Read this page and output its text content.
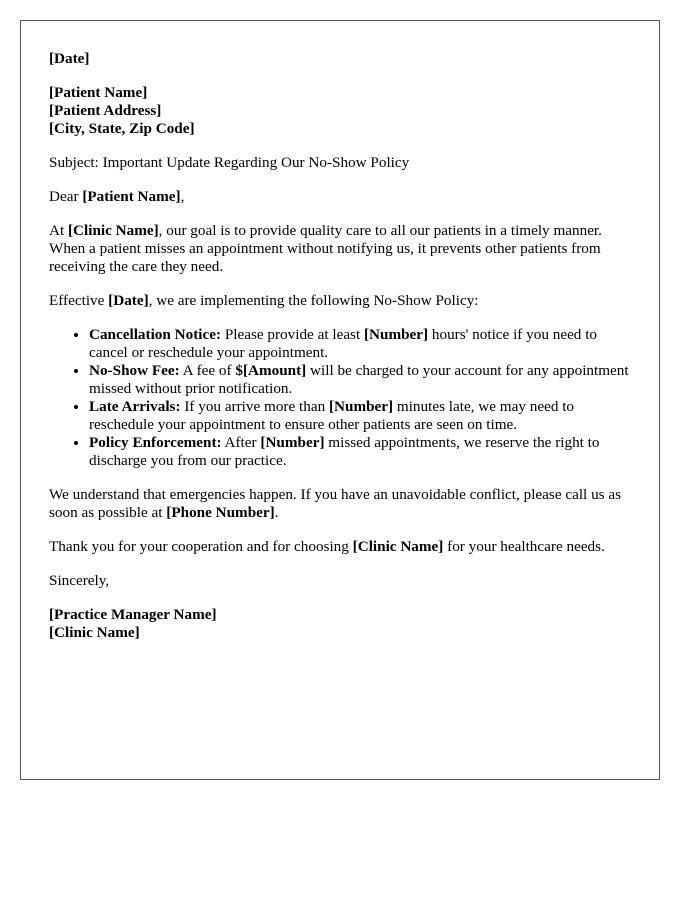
[Date]
[Patient Name]
[Patient Address]
[City, State, Zip Code]
Subject: Important Update Regarding Our No-Show Policy
Dear [Patient Name],
At [Clinic Name], our goal is to provide quality care to all our patients in a timely manner. When a patient misses an appointment without notifying us, it prevents other patients from receiving the care they need.
Effective [Date], we are implementing the following No-Show Policy:
• Cancellation Notice: Please provide at least [Number] hours' notice if you need to cancel or reschedule your appointment.
• No-Show Fee: A fee of $[Amount] will be charged to your account for any appointment missed without prior notification.
• Late Arrivals: If you arrive more than [Number] minutes late, we may need to reschedule your appointment to ensure other patients are seen on time.
• Policy Enforcement: After [Number] missed appointments, we reserve the right to discharge you from our practice.
We understand that emergencies happen. If you have an unavoidable conflict, please call us as soon as possible at [Phone Number].
Thank you for your cooperation and for choosing [Clinic Name] for your healthcare needs.
Sincerely,
[Practice Manager Name]
[Clinic Name]
